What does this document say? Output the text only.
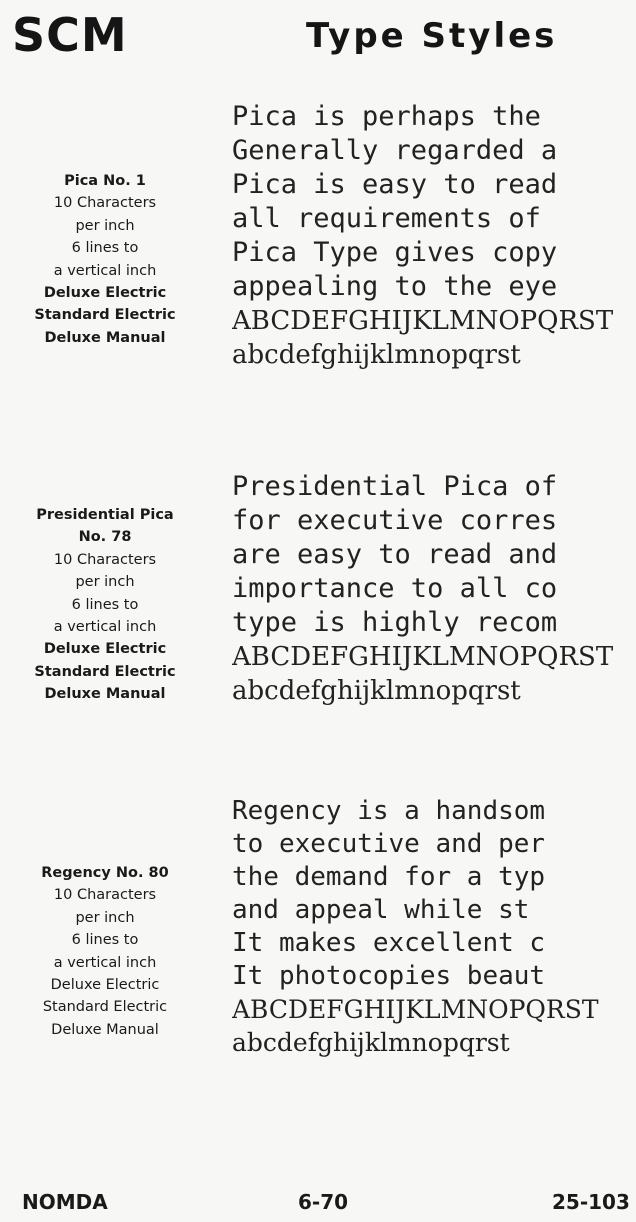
SCM	Type Styles
Pica No. 1
10 Characters
per inch
6 lines to
a vertical inch
Deluxe Electric
Standard Electric
Deluxe Manual
Pica is perhaps the
Generally regarded a
Pica is easy to read
all requirements of
Pica Type gives copy
appealing to the eye
ABCDEFGHIJKLMNOPQRST
abcdefghijklmnopqrst
Presidential Pica
No. 78
10 Characters
per inch
6 lines to
a vertical inch
Deluxe Electric
Standard Electric
Deluxe Manual
Presidential Pica of
for executive corres
are easy to read and
importance to all co
type is highly recom
ABCDEFGHIJKLMNOPQRST
abcdefghijklmnopqrst
Regency No. 80
10 Characters
per inch
6 lines to
a vertical inch
Deluxe Electric
Standard Electric
Deluxe Manual
Regency is a handsom
to executive and per
the demand for a typ
and appeal while st
It makes excellent c
It photocopies beaut
ABCDEFGHIJKLMNOPQRST
abcdefghijklmnopqrst
NOMDA	6-70	25-103
